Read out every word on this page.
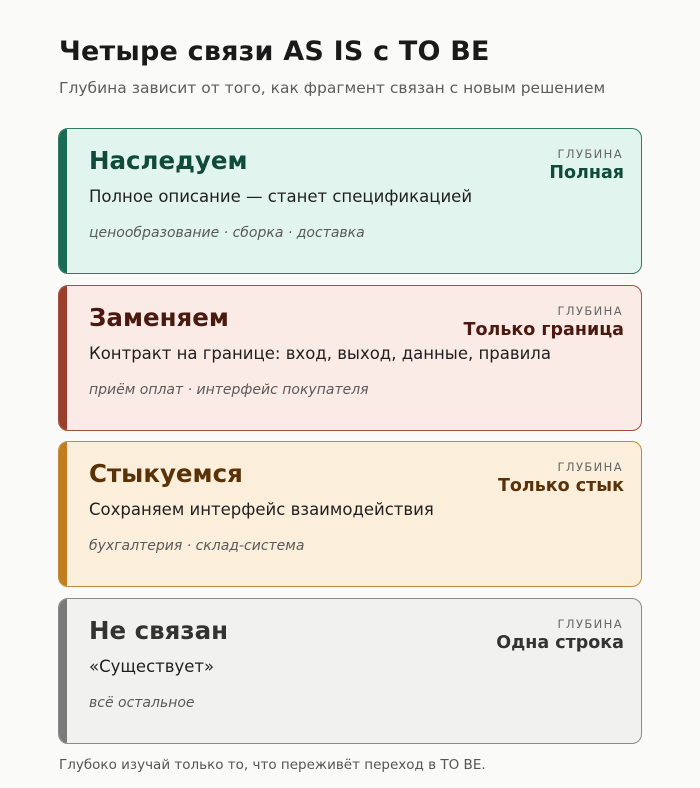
Четыре связи AS IS с TO BE

Глубина зависит от того, как фрагмент связан с новым решением

Наследуем
Полное описание — станет спецификацией
ценообразование · сборка · доставка
ГЛУБИНА
Полная
Заменяем
Контракт на границе: вход, выход, данные, правила
приём оплат · интерфейс покупателя
ГЛУБИНА
Только граница
Стыкуемся
Сохраняем интерфейс взаимодействия
бухгалтерия · склад-система
ГЛУБИНА
Только стык
Не связан
«Существует»
всё остальное
ГЛУБИНА
Одна строка

Глубоко изучай только то, что переживёт переход в TO BE.
